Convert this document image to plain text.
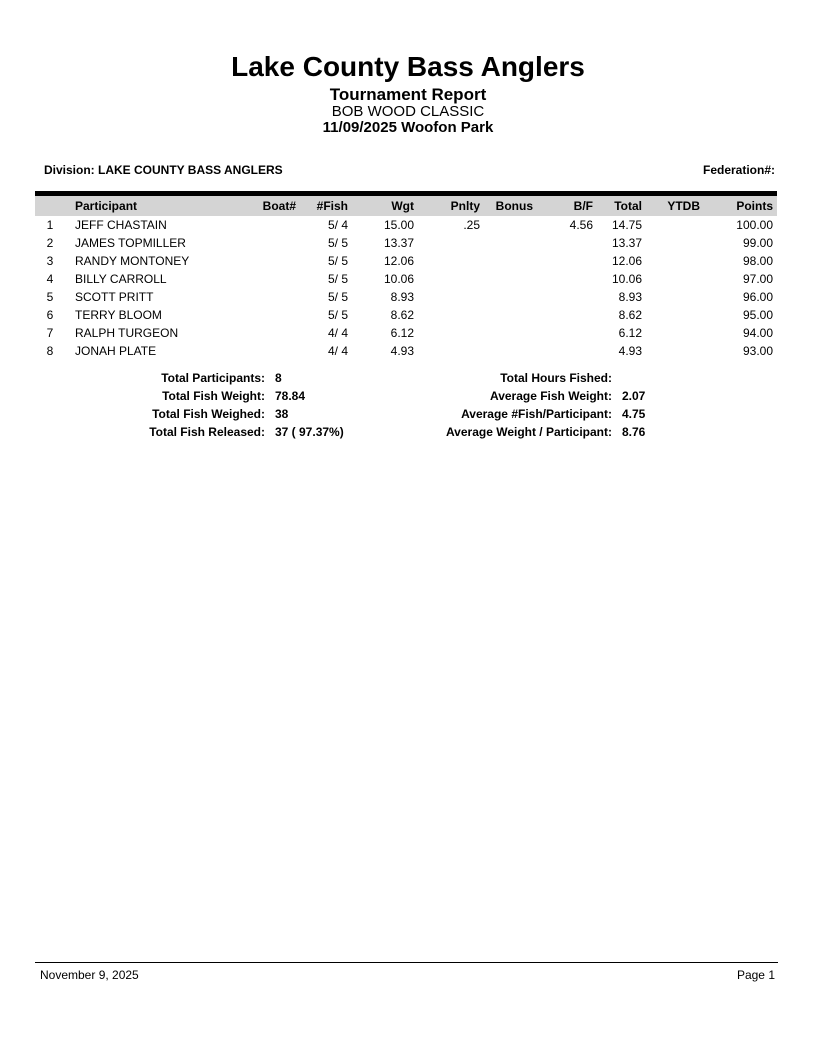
Lake County Bass Anglers
Tournament Report
BOB WOOD CLASSIC
11/09/2025 Woofon Park
Division: LAKE COUNTY BASS ANGLERS	Federation#:
	Participant	Boat#	#Fish	Wgt	Pnlty	Bonus	B/F	Total	YTDB	Points
1	JEFF CHASTAIN		5/ 4	15.00	.25		4.56	14.75		100.00
2	JAMES TOPMILLER		5/ 5	13.37				13.37		99.00
3	RANDY MONTONEY		5/ 5	12.06				12.06		98.00
4	BILLY CARROLL		5/ 5	10.06				10.06		97.00
5	SCOTT PRITT		5/ 5	8.93				8.93		96.00
6	TERRY BLOOM		5/ 5	8.62				8.62		95.00
7	RALPH TURGEON		4/ 4	6.12				6.12		94.00
8	JONAH PLATE		4/ 4	4.93				4.93		93.00
Total Participants: 8	Total Hours Fished:
Total Fish Weight: 78.84	Average Fish Weight: 2.07
Total Fish Weighed: 38	Average #Fish/Participant: 4.75
Total Fish Released: 37 ( 97.37%)	Average Weight / Participant: 8.76
November 9, 2025	Page 1
